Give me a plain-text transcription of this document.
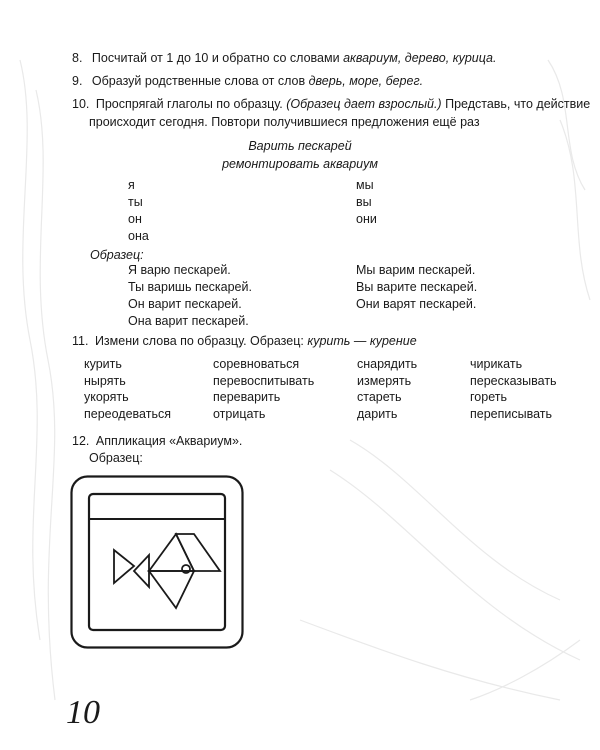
8. Посчитай от 1 до 10 и обратно со словами аквариум, дерево, курица.
9. Образуй родственные слова от слов дверь, море, берег.
10. Проспрягай глаголы по образцу. (Образец дает взрослый.) Представь, что действие
происходит сегодня. Повтори получившиеся предложения ещё раз
Варить пескарей
ремонтировать аквариум
я
ты
он
она
мы
вы
они
Образец:
Я варю пескарей.
Ты варишь пескарей.
Он варит пескарей.
Она варит пескарей.
Мы варим пескарей.
Вы варите пескарей.
Они варят пескарей.
11. Измени слова по образцу. Образец: курить — курение
курить
нырять
укорять
переодеваться
соревноваться
перевоспитывать
переварить
отрицать
снарядить
измерять
стареть
дарить
чирикать
пересказывать
гореть
переписывать
12. Аппликация «Аквариум».
Образец:
10
